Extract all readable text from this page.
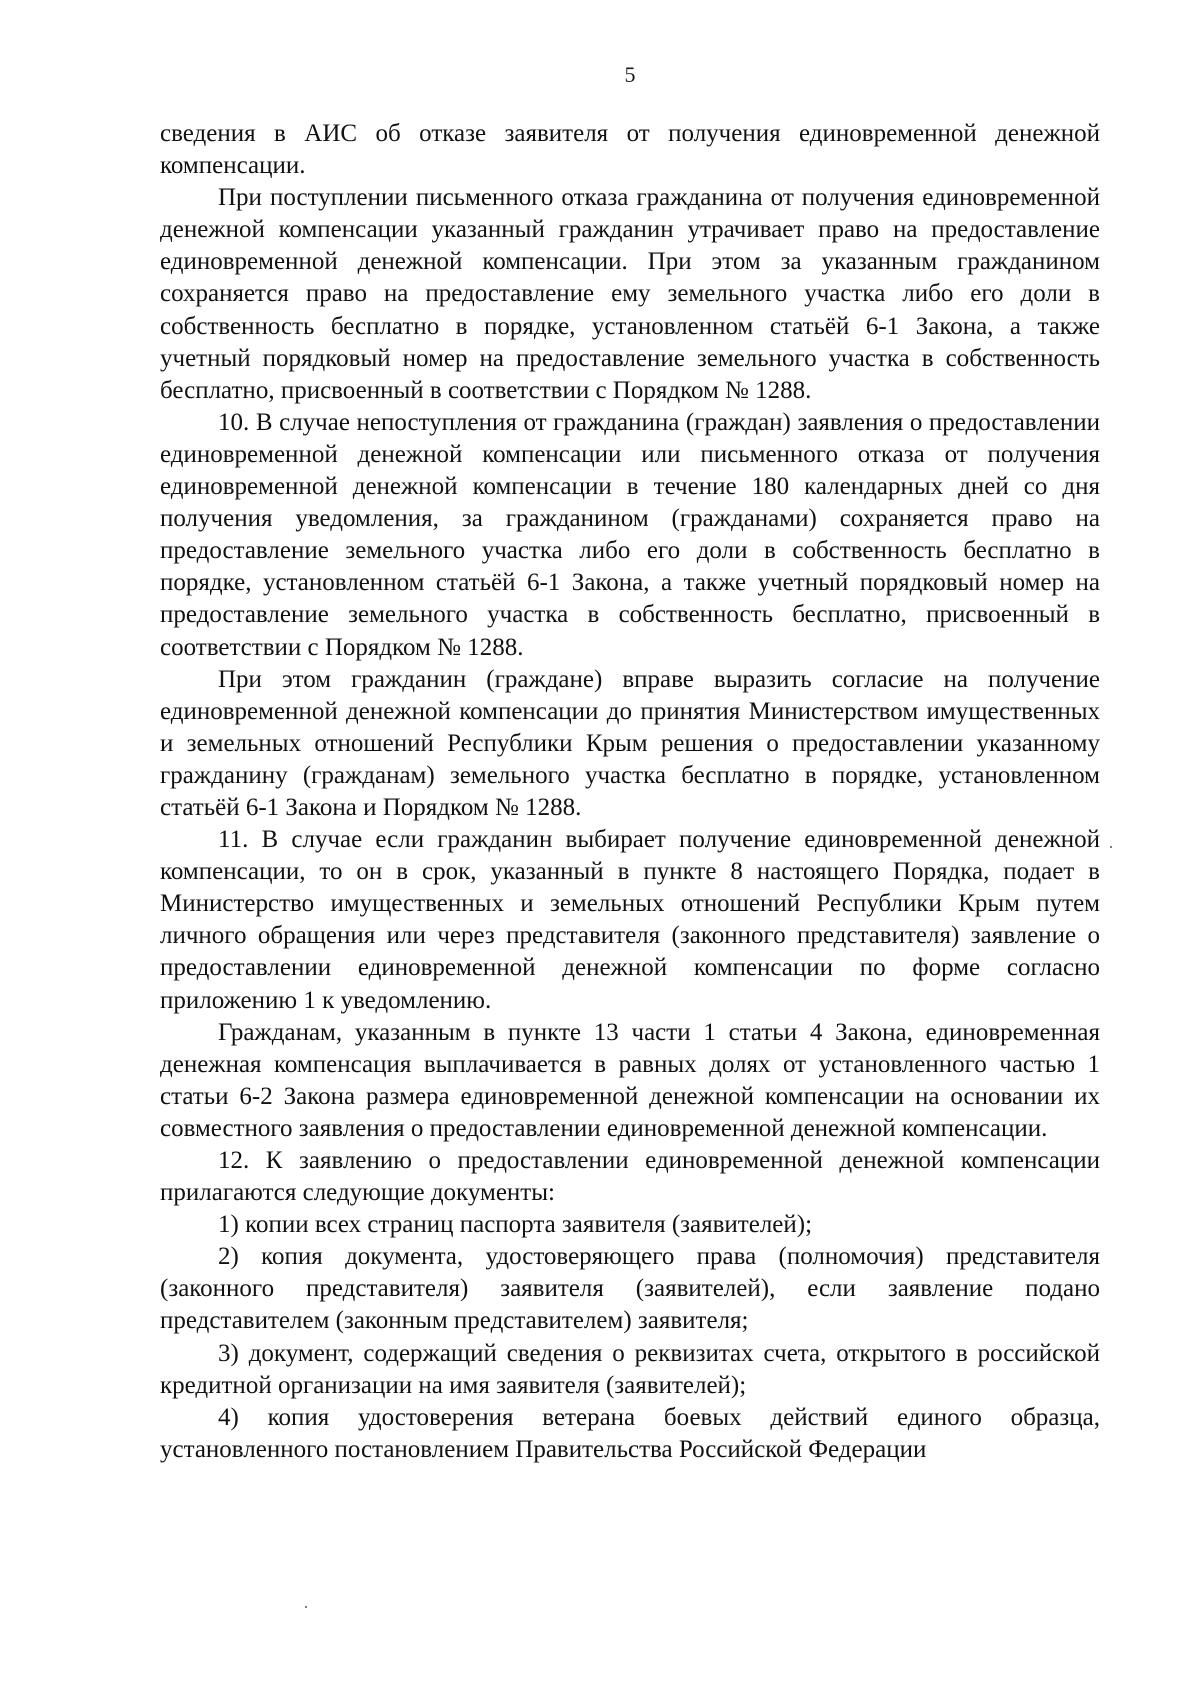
5

сведения в АИС об отказе заявителя от получения единовременной денежной компенсации.

При поступлении письменного отказа гражданина от получения единовременной денежной компенсации указанный гражданин утрачивает право на предоставление единовременной денежной компенсации. При этом за указанным гражданином сохраняется право на предоставление ему земельного участка либо его доли в собственность бесплатно в порядке, установленном статьёй 6-1 Закона, а также учетный порядковый номер на предоставление земельного участка в собственность бесплатно, присвоенный в соответствии с Порядком № 1288.

10. В случае непоступления от гражданина (граждан) заявления о предоставлении единовременной денежной компенсации или письменного отказа от получения единовременной денежной компенсации в течение 180 календарных дней со дня получения уведомления, за гражданином (гражданами) сохраняется право на предоставление земельного участка либо его доли в собственность бесплатно в порядке, установленном статьёй 6-1 Закона, а также учетный порядковый номер на предоставление земельного участка в собственность бесплатно, присвоенный в соответствии с Порядком № 1288.

При этом гражданин (граждане) вправе выразить согласие на получение единовременной денежной компенсации до принятия Министерством имущественных и земельных отношений Республики Крым решения о предоставлении указанному гражданину (гражданам) земельного участка бесплатно в порядке, установленном статьёй 6-1 Закона и Порядком № 1288.

11. В случае если гражданин выбирает получение единовременной денежной компенсации, то он в срок, указанный в пункте 8 настоящего Порядка, подает в Министерство имущественных и земельных отношений Республики Крым путем личного обращения или через представителя (законного представителя) заявление о предоставлении единовременной денежной компенсации по форме согласно приложению 1 к уведомлению.

Гражданам, указанным в пункте 13 части 1 статьи 4 Закона, единовременная денежная компенсация выплачивается в равных долях от установленного частью 1 статьи 6-2 Закона размера единовременной денежной компенсации на основании их совместного заявления о предоставлении единовременной денежной компенсации.

12. К заявлению о предоставлении единовременной денежной компенсации прилагаются следующие документы:

1) копии всех страниц паспорта заявителя (заявителей);

2) копия документа, удостоверяющего права (полномочия) представителя (законного представителя) заявителя (заявителей), если заявление подано представителем (законным представителем) заявителя;

3) документ, содержащий сведения о реквизитах счета, открытого в российской кредитной организации на имя заявителя (заявителей);

4) копия удостоверения ветерана боевых действий единого образца, установленного постановлением Правительства Российской Федерации
